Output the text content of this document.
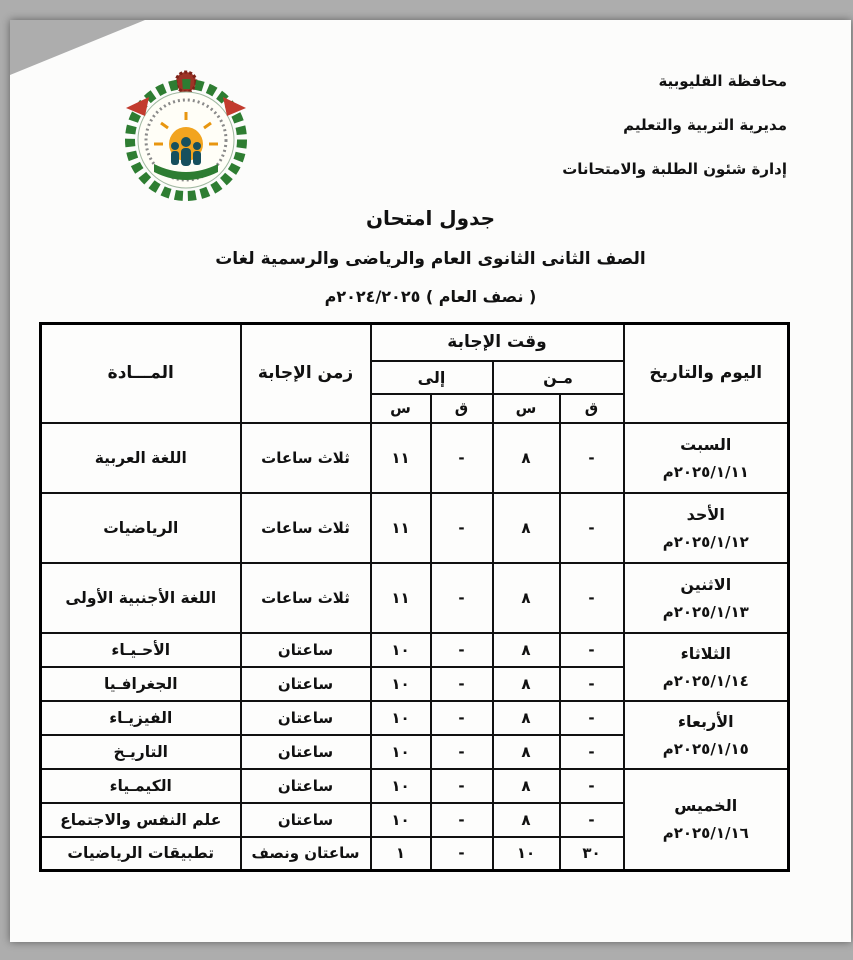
محافظة القليوبية
مديرية التربية والتعليم
إدارة شئون الطلبة والامتحانات
جدول امتحان
الصف الثانى الثانوى العام والرياضى والرسمية لغات
( نصف العام ) ٢٠٢٤/٢٠٢٥م
اليوم والتاريخ	وقت الإجابة				زمن الإجابة	المـــادة
	مـن		إلى			
	ق	س	ق	س		

السبت
٢٠٢٥/١/١١م	-	٨	-	١١	ثلاث ساعات	اللغة العربية

الأحد
٢٠٢٥/١/١٢م	-	٨	-	١١	ثلاث ساعات	الرياضيات

الاثنين
٢٠٢٥/١/١٣م	-	٨	-	١١	ثلاث ساعات	اللغة الأجنبية الأولى

الثلاثاء
٢٠٢٥/١/١٤م	-	٨	-	١٠	ساعتان	الأحـيـاء
	-	٨	-	١٠	ساعتان	الجغرافـيا

الأربعاء
٢٠٢٥/١/١٥م	-	٨	-	١٠	ساعتان	الفيزيـاء
	-	٨	-	١٠	ساعتان	التاريـخ

الخميس
٢٠٢٥/١/١٦م	-	٨	-	١٠	ساعتان	الكيمـياء
	-	٨	-	١٠	ساعتان	علم النفس والاجتماع
	٣٠	١٠	-	١	ساعتان ونصف	تطبيقات الرياضيات
